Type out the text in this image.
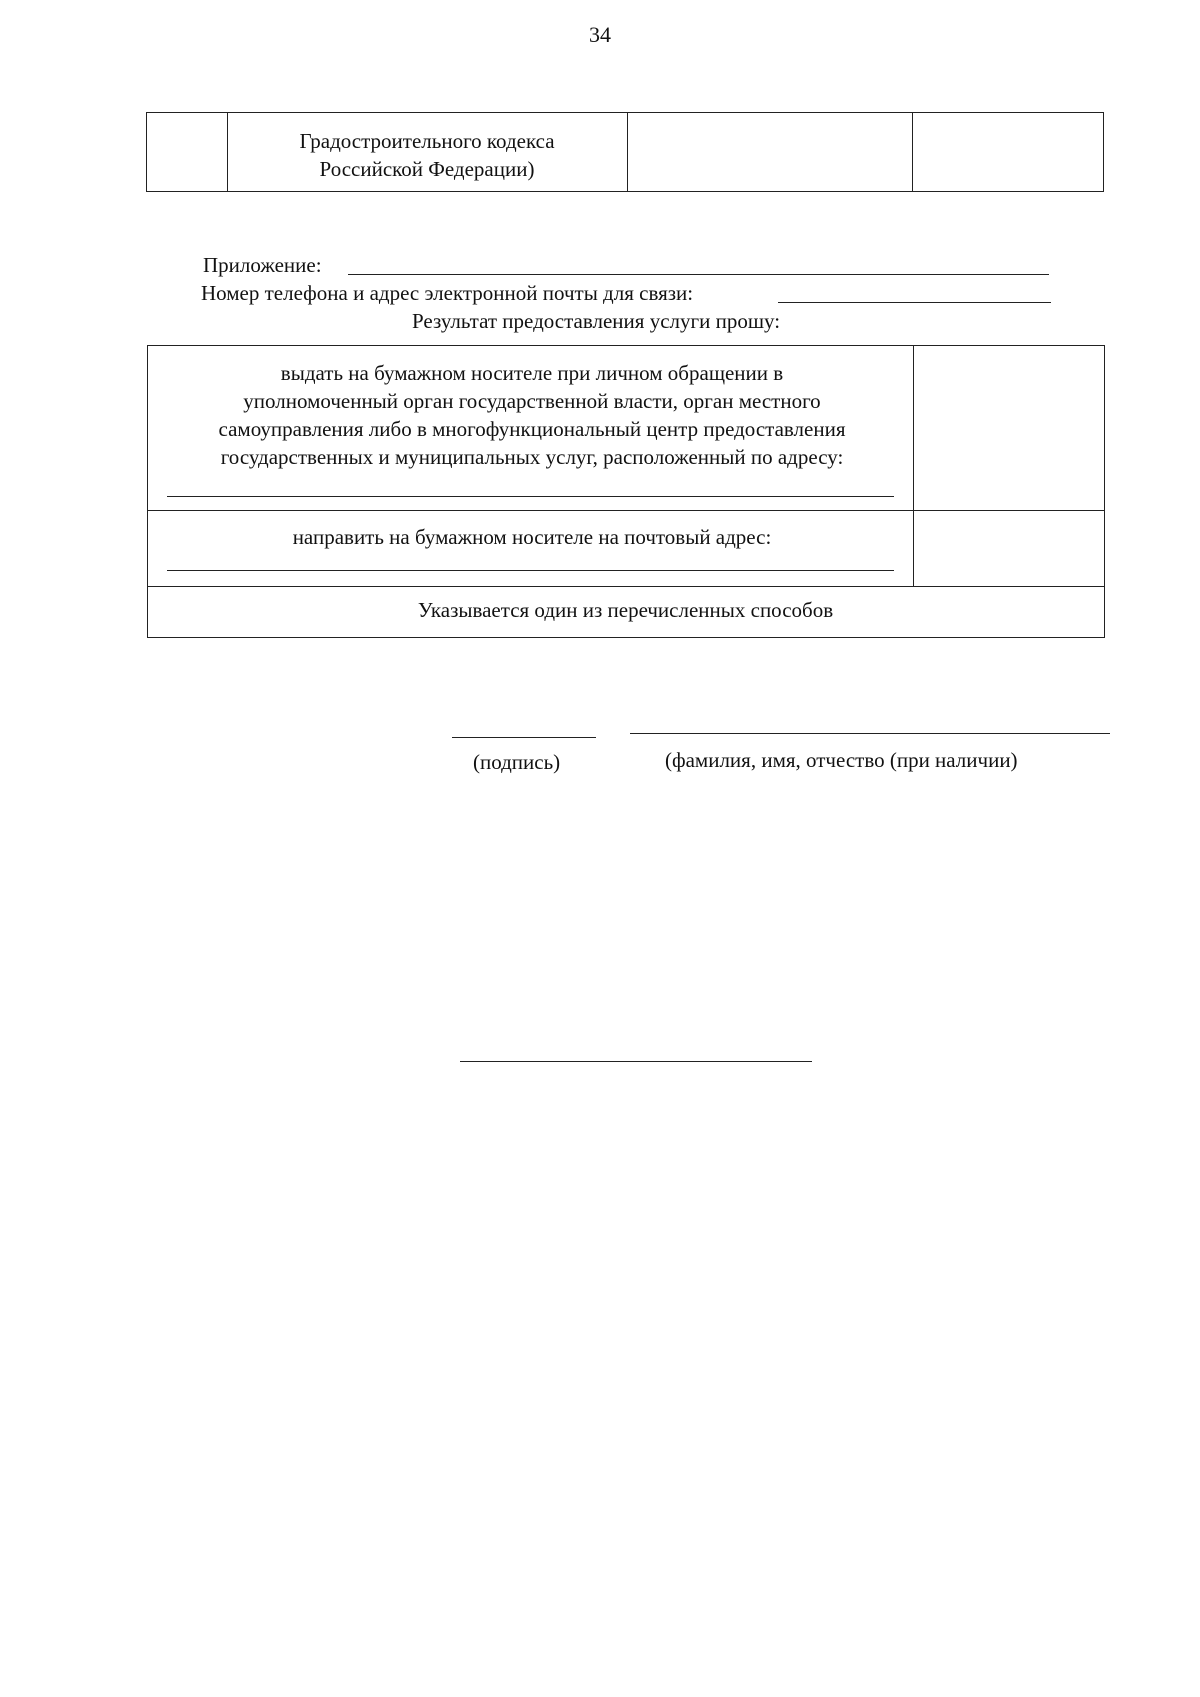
34
Градостроительного кодекса
Российской Федерации)
Приложение:
Номер телефона и адрес электронной почты для связи:
Результат предоставления услуги прошу:
выдать на бумажном носителе при личном обращении в
уполномоченный орган государственной власти, орган местного
самоуправления либо в многофункциональный центр предоставления
государственных и муниципальных услуг, расположенный по адресу:
направить на бумажном носителе на почтовый адрес:
Указывается один из перечисленных способов
(подпись)	(фамилия, имя, отчество (при наличии)
